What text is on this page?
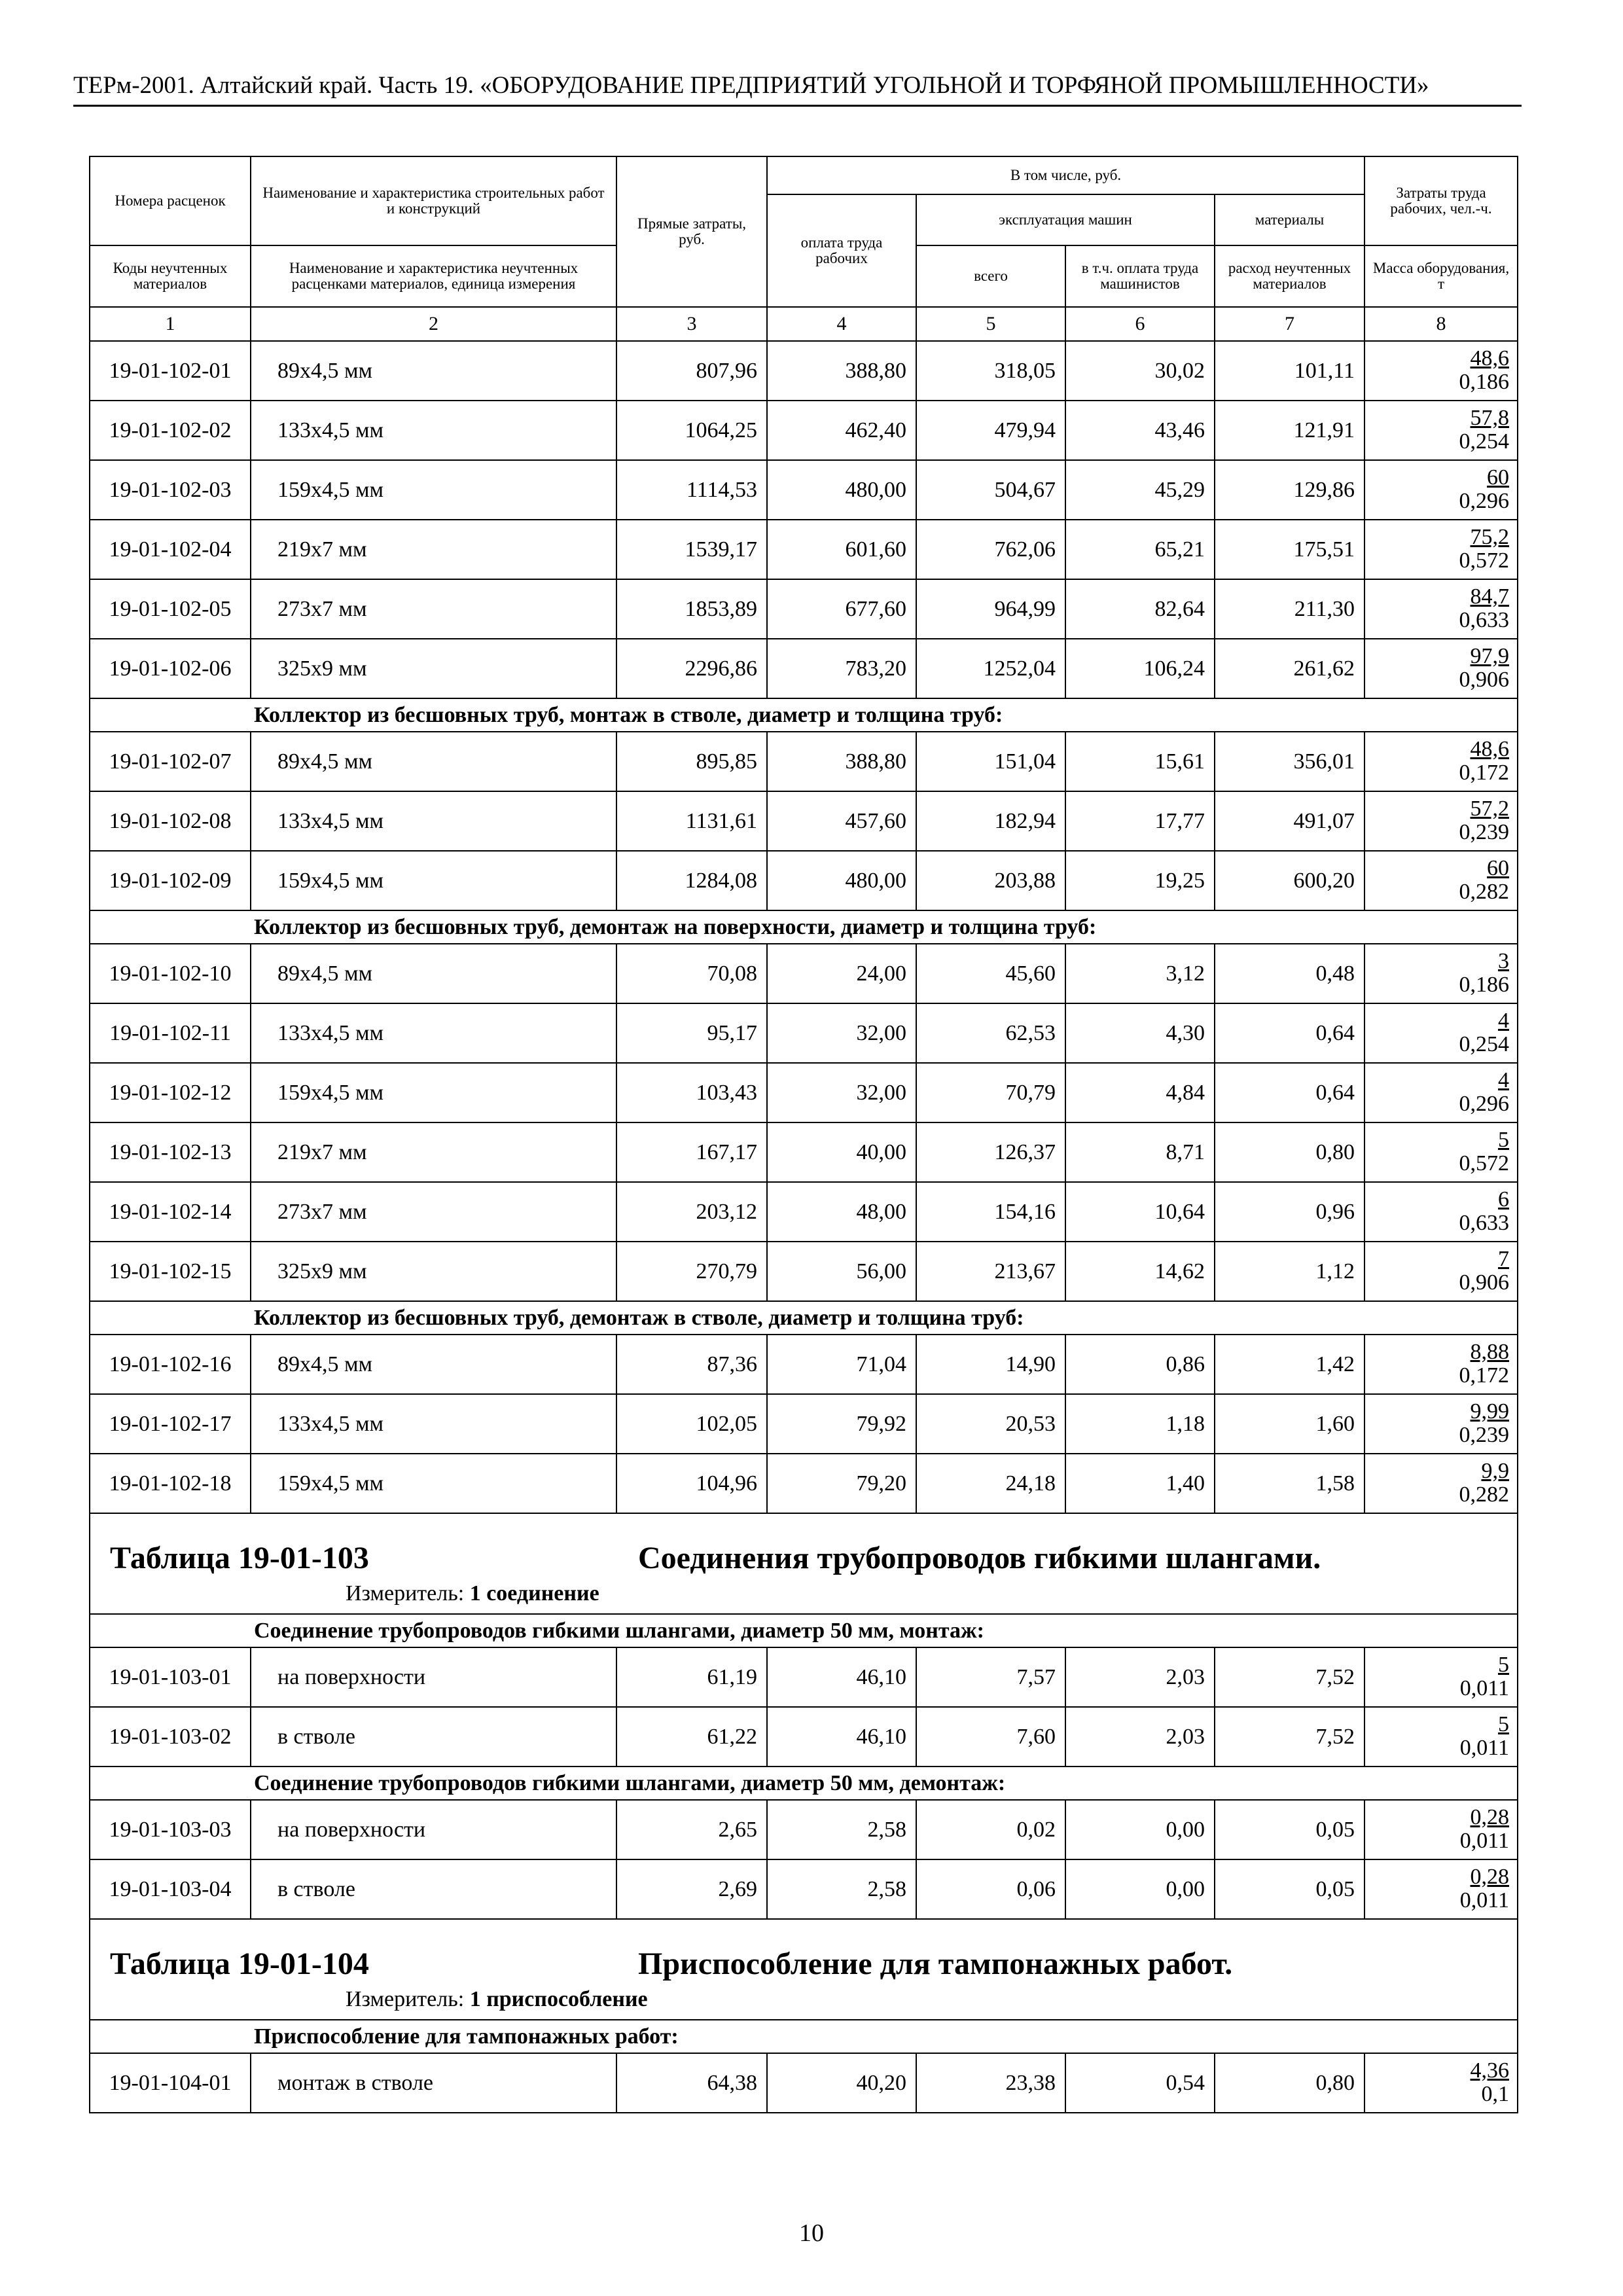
ТЕРм-2001. Алтайский край. Часть 19. «ОБОРУДОВАНИЕ ПРЕДПРИЯТИЙ УГОЛЬНОЙ И ТОРФЯНОЙ ПРОМЫШЛЕННОСТИ»
Номера расценок	Наименование и характеристика строительных работ и конструкций	Прямые затраты, руб.	В том числе, руб.				Затраты труда рабочих, чел.-ч.
			оплата труда рабочих	эксплуатация машин		материалы	
Коды неучтенных материалов	Наименование и характеристика неучтенных расценками материалов, единица измерения			всего	в т.ч. оплата труда машинистов	расход неучтенных материалов	Масса оборудования, т
1	2	3	4	5	6	7	8
19-01-102-01	89x4,5 мм	807,96	388,80	318,05	30,02	101,11	48,6
0,186

19-01-102-02	133x4,5 мм	1064,25	462,40	479,94	43,46	121,91	57,8
0,254

19-01-102-03	159x4,5 мм	1114,53	480,00	504,67	45,29	129,86	60
0,296

19-01-102-04	219x7 мм	1539,17	601,60	762,06	65,21	175,51	75,2
0,572

19-01-102-05	273x7 мм	1853,89	677,60	964,99	82,64	211,30	84,7
0,633

19-01-102-06	325x9 мм	2296,86	783,20	1252,04	106,24	261,62	97,9
0,906

Коллектор из бесшовных труб, монтаж в стволе, диаметр и толщина труб:							
19-01-102-07	89x4,5 мм	895,85	388,80	151,04	15,61	356,01	48,6
0,172

19-01-102-08	133x4,5 мм	1131,61	457,60	182,94	17,77	491,07	57,2
0,239

19-01-102-09	159x4,5 мм	1284,08	480,00	203,88	19,25	600,20	60
0,282

Коллектор из бесшовных труб, демонтаж на поверхности, диаметр и толщина труб:							
19-01-102-10	89x4,5 мм	70,08	24,00	45,60	3,12	0,48	3
0,186

19-01-102-11	133x4,5 мм	95,17	32,00	62,53	4,30	0,64	4
0,254

19-01-102-12	159x4,5 мм	103,43	32,00	70,79	4,84	0,64	4
0,296

19-01-102-13	219x7 мм	167,17	40,00	126,37	8,71	0,80	5
0,572

19-01-102-14	273x7 мм	203,12	48,00	154,16	10,64	0,96	6
0,633

19-01-102-15	325x9 мм	270,79	56,00	213,67	14,62	1,12	7
0,906

Коллектор из бесшовных труб, демонтаж в стволе, диаметр и толщина труб:							
19-01-102-16	89x4,5 мм	87,36	71,04	14,90	0,86	1,42	8,88
0,172

19-01-102-17	133x4,5 мм	102,05	79,92	20,53	1,18	1,60	9,99
0,239

19-01-102-18	159x4,5 мм	104,96	79,20	24,18	1,40	1,58	9,9
0,282

Таблица 19-01-103 Соединения трубопроводов гибкими шлангами.
Измеритель: 1 соединение							

Соединение трубопроводов гибкими шлангами, диаметр 50 мм, монтаж:							
19-01-103-01	на поверхности	61,19	46,10	7,57	2,03	7,52	5
0,011

19-01-103-02	в стволе	61,22	46,10	7,60	2,03	7,52	5
0,011

Соединение трубопроводов гибкими шлангами, диаметр 50 мм, демонтаж:							
19-01-103-03	на поверхности	2,65	2,58	0,02	0,00	0,05	0,28
0,011

19-01-103-04	в стволе	2,69	2,58	0,06	0,00	0,05	0,28
0,011

Таблица 19-01-104 Приспособление для тампонажных работ.
Измеритель: 1 приспособление							

Приспособление для тампонажных работ:							
19-01-104-01	монтаж в стволе	64,38	40,20	23,38	0,54	0,80	4,36
0,1
10
